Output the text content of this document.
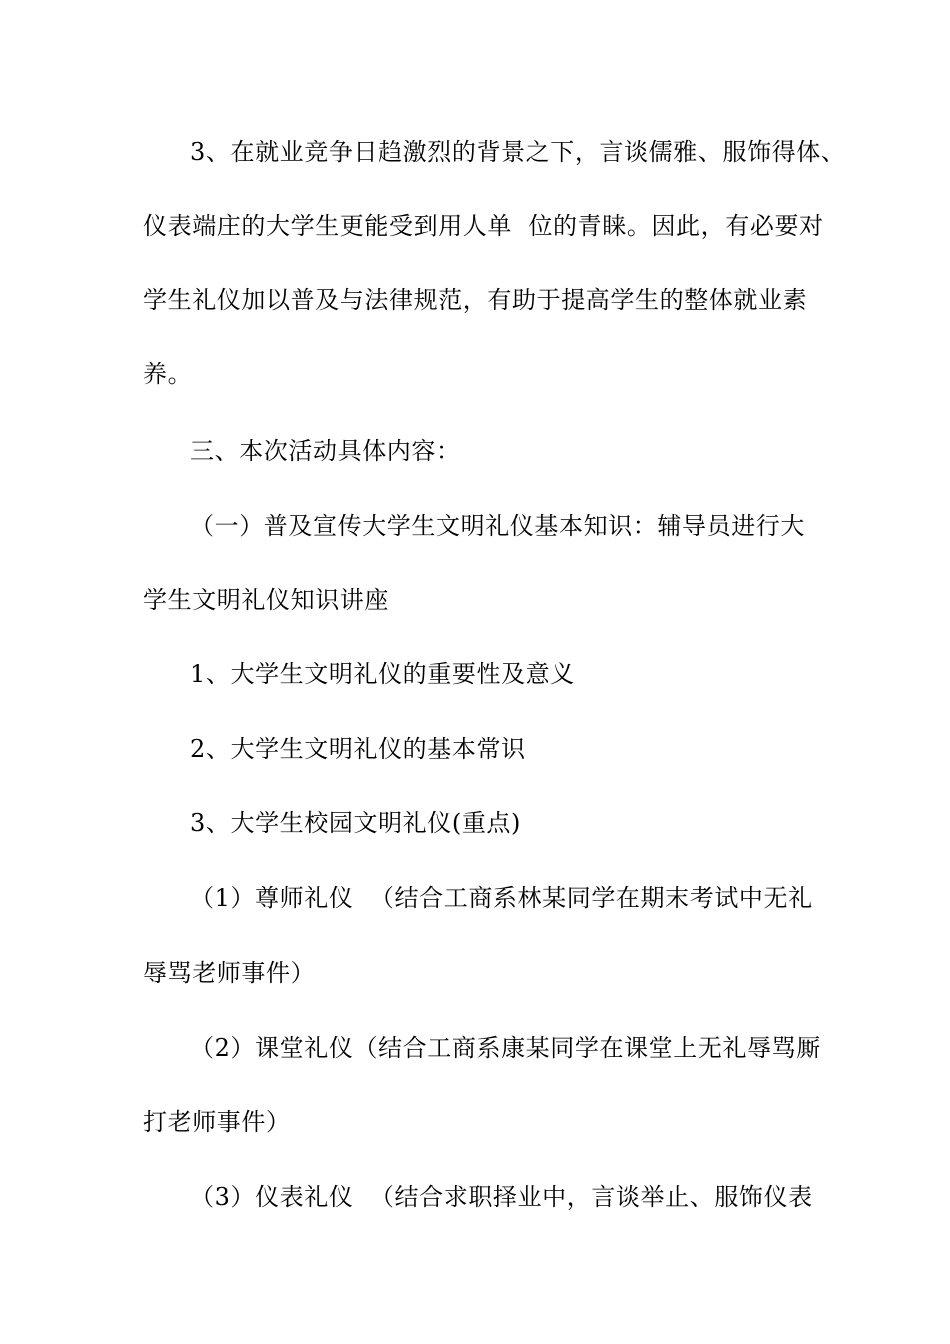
3、在就业竞争日趋激烈的背景之下，言谈儒雅、服饰得体、
仪表端庄的大学生更能受到用人单  位的青睐。因此，有必要对
学生礼仪加以普及与法律规范，有助于提高学生的整体就业素
养。
三、本次活动具体内容：
（一）普及宣传大学生文明礼仪基本知识：辅导员进行大
学生文明礼仪知识讲座
1、大学生文明礼仪的重要性及意义
2、大学生文明礼仪的基本常识
3、大学生校园文明礼仪(重点)
（1）尊师礼仪  （结合工商系林某同学在期末考试中无礼
辱骂老师事件）
（2）课堂礼仪（结合工商系康某同学在课堂上无礼辱骂厮
打老师事件）
（3）仪表礼仪  （结合求职择业中，言谈举止、服饰仪表
